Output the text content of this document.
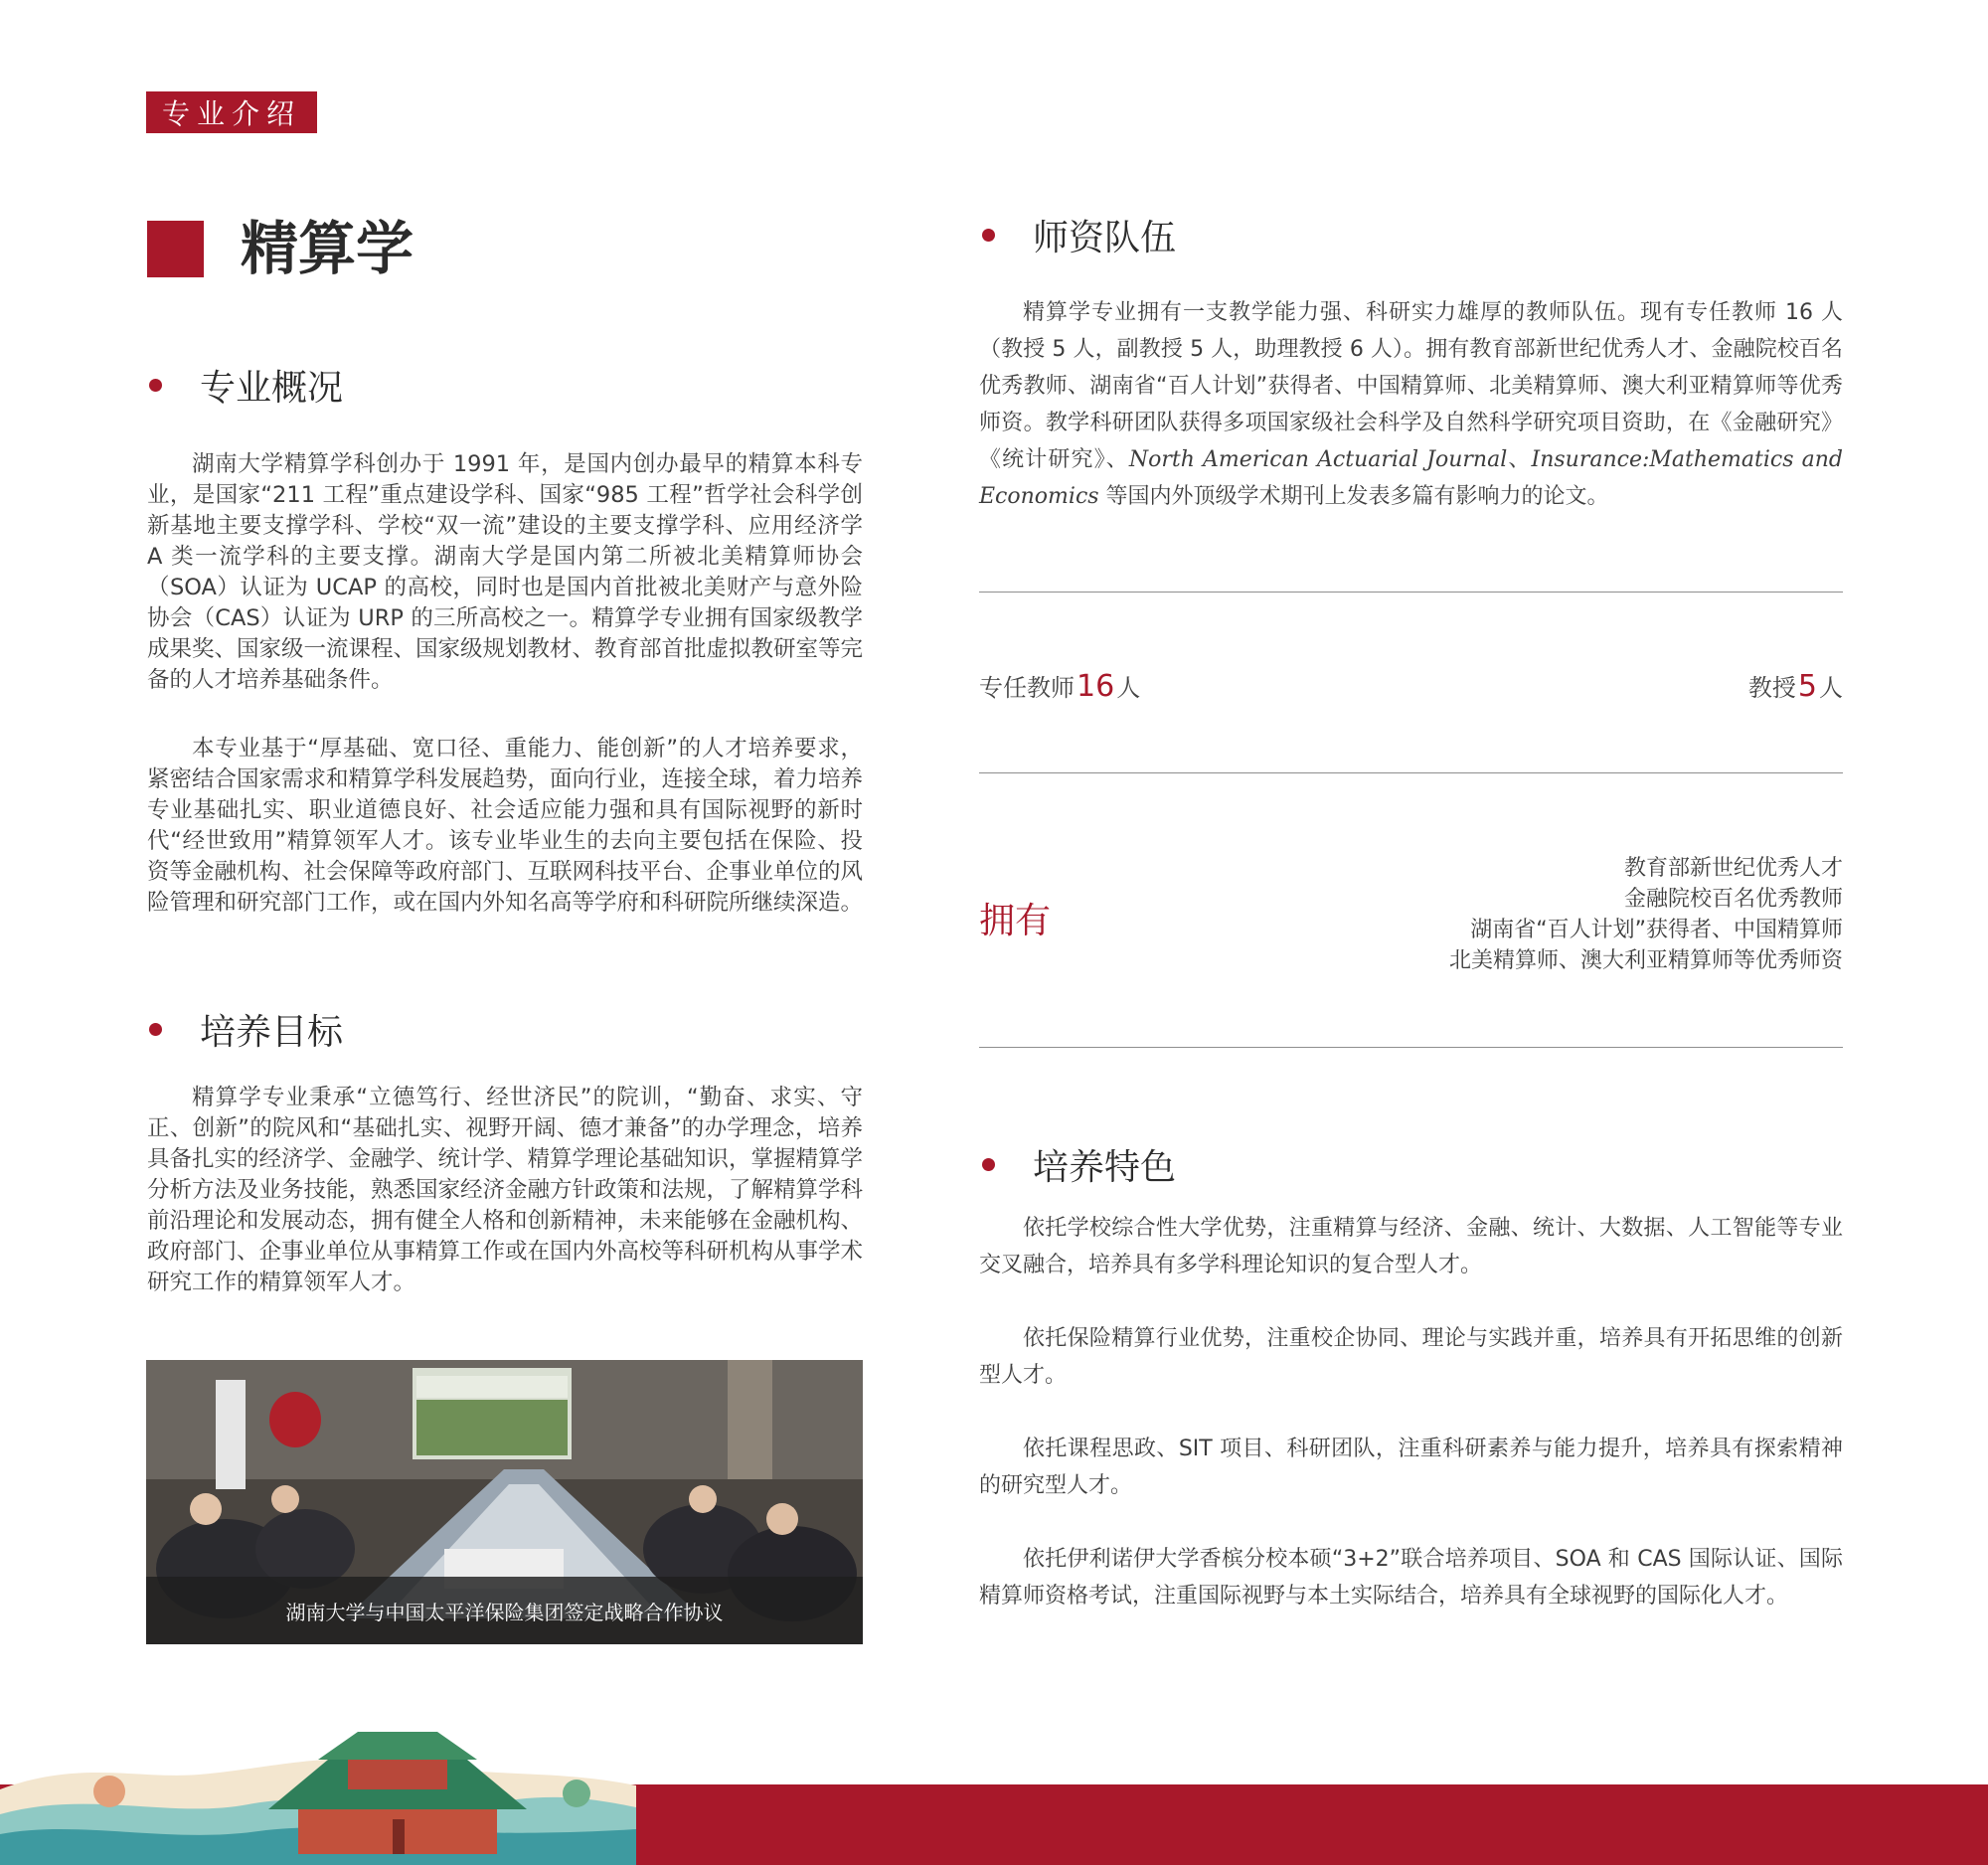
专业介绍
精算学
专业概况

湖南大学精算学科创办于 1991 年，是国内创办最早的精算本科专业，是国家“211 工程”重点建设学科、国家“985 工程”哲学社会科学创新基地主要支撑学科、学校“双一流”建设的主要支撑学科、应用经济学 A 类一流学科的主要支撑。湖南大学是国内第二所被北美精算师协会（SOA）认证为 UCAP 的高校，同时也是国内首批被北美财产与意外险协会（CAS）认证为 URP 的三所高校之一。精算学专业拥有国家级教学成果奖、国家级一流课程、国家级规划教材、教育部首批虚拟教研室等完备的人才培养基础条件。

本专业基于“厚基础、宽口径、重能力、能创新”的人才培养要求，紧密结合国家需求和精算学科发展趋势，面向行业，连接全球，着力培养专业基础扎实、职业道德良好、社会适应能力强和具有国际视野的新时代“经世致用”精算领军人才。该专业毕业生的去向主要包括在保险、投资等金融机构、社会保障等政府部门、互联网科技平台、企事业单位的风险管理和研究部门工作，或在国内外知名高等学府和科研院所继续深造。

培养目标

精算学专业秉承“立德笃行、经世济民”的院训，“勤奋、求实、守正、创新”的院风和“基础扎实、视野开阔、德才兼备”的办学理念，培养具备扎实的经济学、金融学、统计学、精算学理论基础知识，掌握精算学分析方法及业务技能，熟悉国家经济金融方针政策和法规，了解精算学科前沿理论和发展动态，拥有健全人格和创新精神，未来能够在金融机构、政府部门、企事业单位从事精算工作或在国内外高校等科研机构从事学术研究工作的精算领军人才。

湖南大学与中国太平洋保险集团签定战略合作协议
师资队伍

精算学专业拥有一支教学能力强、科研实力雄厚的教师队伍。现有专任教师 16 人（教授 5 人，副教授 5 人，助理教授 6 人）。拥有教育部新世纪优秀人才、金融院校百名优秀教师、湖南省“百人计划”获得者、中国精算师、北美精算师、澳大利亚精算师等优秀师资。教学科研团队获得多项国家级社会科学及自然科学研究项目资助，在《金融研究》《统计研究》、North American Actuarial Journal、Insurance:Mathematics and Economics 等国内外顶级学术期刊上发表多篇有影响力的论文。

专任教师 16 人	教授 5 人
拥有
教育部新世纪优秀人才
金融院校百名优秀教师
湖南省“百人计划”获得者、中国精算师
北美精算师、澳大利亚精算师等优秀师资
培养特色

依托学校综合性大学优势，注重精算与经济、金融、统计、大数据、人工智能等专业交叉融合，培养具有多学科理论知识的复合型人才。

依托保险精算行业优势，注重校企协同、理论与实践并重，培养具有开拓思维的创新型人才。

依托课程思政、SIT 项目、科研团队，注重科研素养与能力提升，培养具有探索精神的研究型人才。

依托伊利诺伊大学香槟分校本硕“3+2”联合培养项目、SOA 和 CAS 国际认证、国际精算师资格考试，注重国际视野与本土实际结合，培养具有全球视野的国际化人才。
